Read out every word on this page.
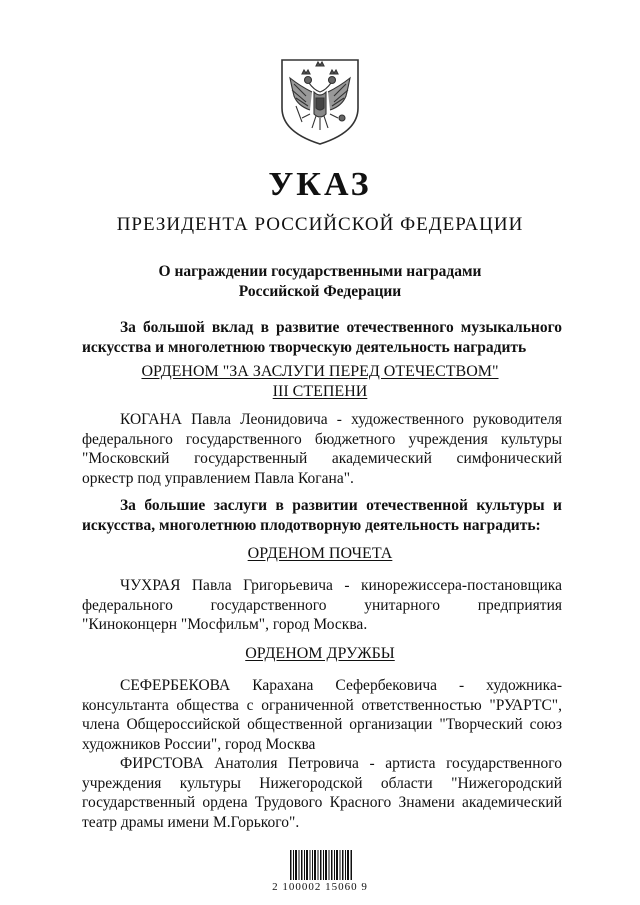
УКАЗ
ПРЕЗИДЕНТА РОССИЙСКОЙ ФЕДЕРАЦИИ
О награждении государственными наградами
Российской Федерации
За большой вклад в развитие отечественного музыкального
искусства и многолетнюю творческую деятельность наградить
ОРДЕНОМ "ЗА ЗАСЛУГИ ПЕРЕД ОТЕЧЕСТВОМ"
III СТЕПЕНИ
КОГАНА Павла Леонидовича - художественного руководителя
федерального государственного бюджетного учреждения культуры
"Московский государственный академический симфонический
оркестр под управлением Павла Когана".
За большие заслуги в развитии отечественной культуры и
искусства, многолетнюю плодотворную деятельность наградить:
ОРДЕНОМ ПОЧЕТА
ЧУХРАЯ Павла Григорьевича - кинорежиссера-постановщика
федерального государственного унитарного предприятия
"Киноконцерн "Мосфильм", город Москва.
ОРДЕНОМ ДРУЖБЫ
СЕФЕРБЕКОВА Карахана Сефербековича - художника-
консультанта общества с ограниченной ответственностью "РУАРТС",
члена Общероссийской общественной организации "Творческий союз
художников России", город Москва
ФИРСТОВА Анатолия Петровича - артиста государственного
учреждения культуры Нижегородской области "Нижегородский
государственный ордена Трудового Красного Знамени академический
театр драмы имени М.Горького".
2 100002 15060 9
